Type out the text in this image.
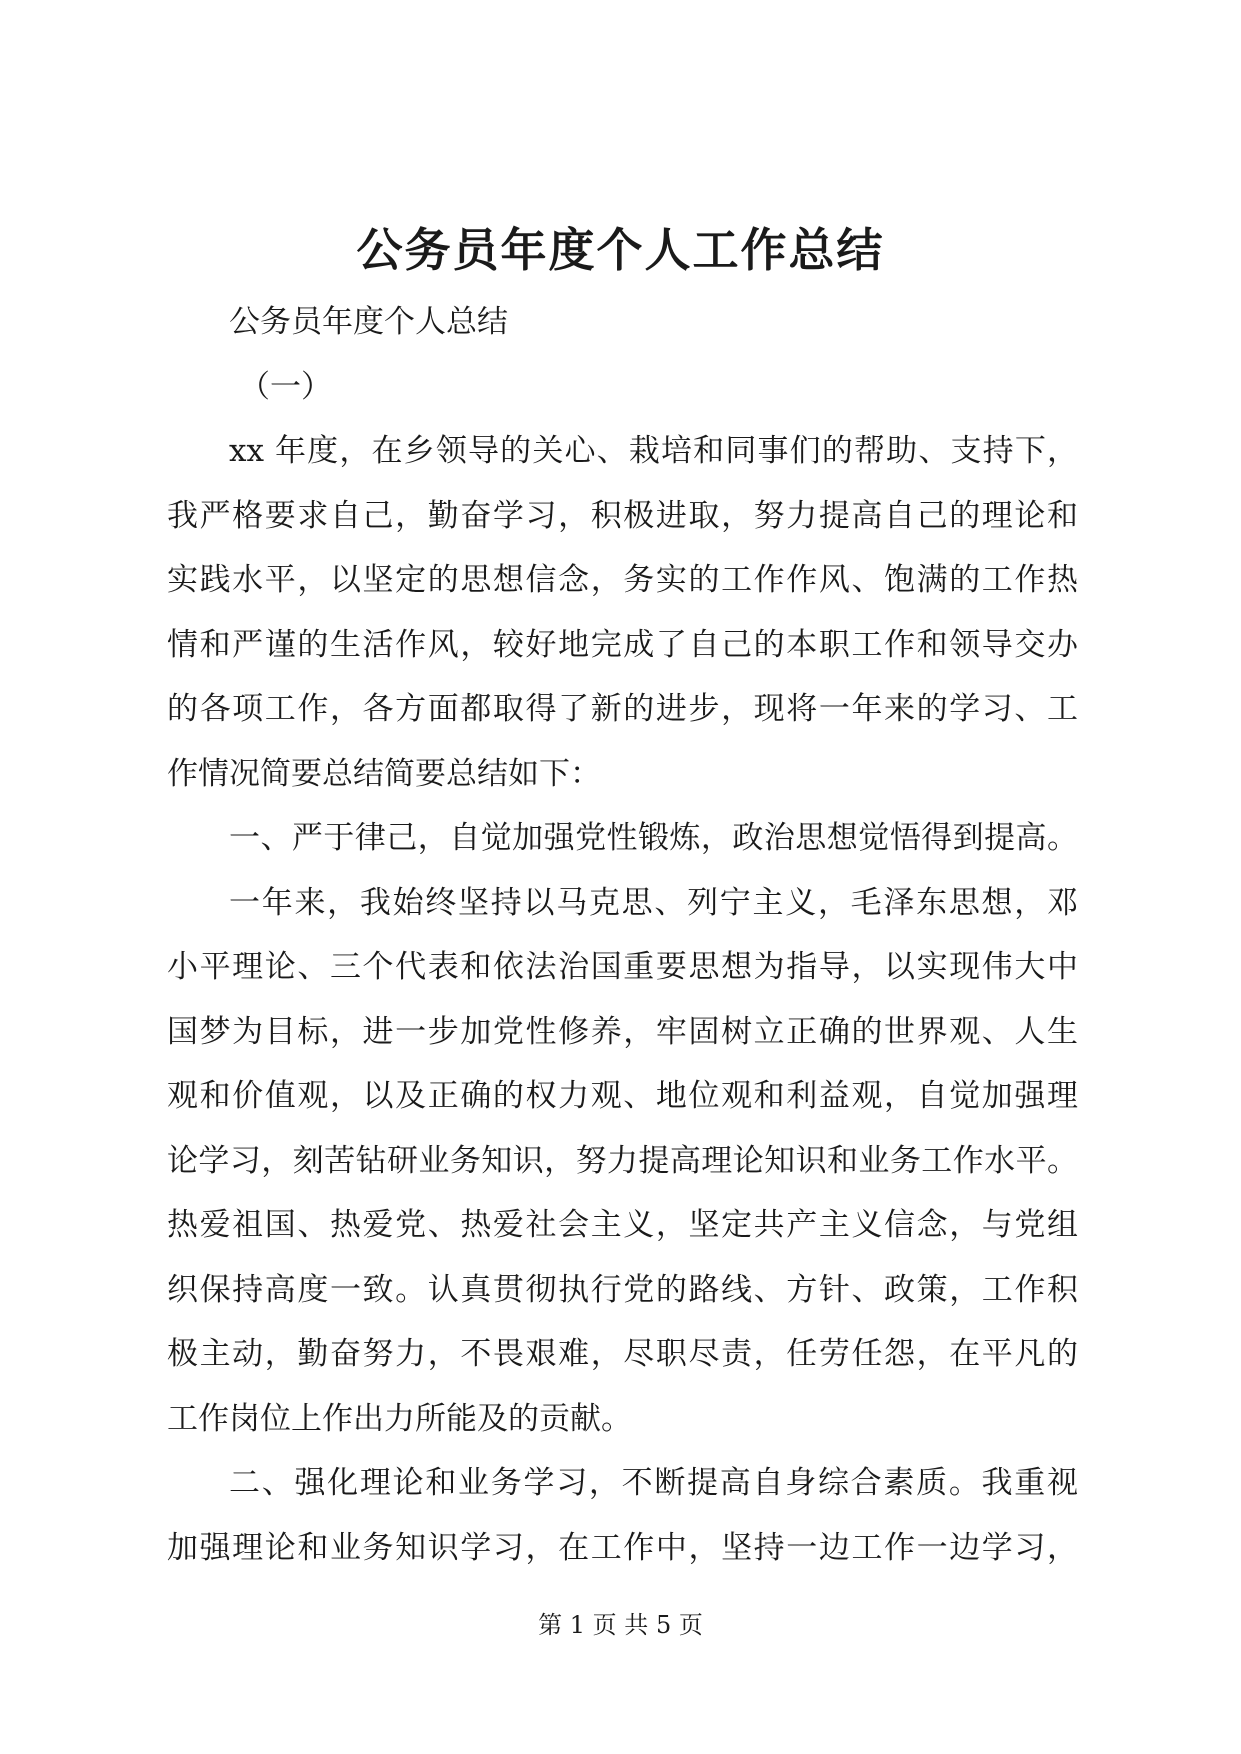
公务员年度个人工作总结

公务员年度个人总结

（一）

xx 年度，在乡领导的关心、栽培和同事们的帮助、支持下，

我严格要求自己，勤奋学习，积极进取，努力提高自己的理论和

实践水平，以坚定的思想信念，务实的工作作风、饱满的工作热

情和严谨的生活作风，较好地完成了自己的本职工作和领导交办

的各项工作，各方面都取得了新的进步，现将一年来的学习、工

作情况简要总结简要总结如下：

一、严于律己，自觉加强党性锻炼，政治思想觉悟得到提高。

一年来，我始终坚持以马克思、列宁主义，毛泽东思想，邓

小平理论、三个代表和依法治国重要思想为指导，以实现伟大中

国梦为目标，进一步加党性修养，牢固树立正确的世界观、人生

观和价值观，以及正确的权力观、地位观和利益观，自觉加强理

论学习，刻苦钻研业务知识，努力提高理论知识和业务工作水平。

热爱祖国、热爱党、热爱社会主义，坚定共产主义信念，与党组

织保持高度一致。认真贯彻执行党的路线、方针、政策，工作积

极主动，勤奋努力，不畏艰难，尽职尽责，任劳任怨，在平凡的

工作岗位上作出力所能及的贡献。

二、强化理论和业务学习，不断提高自身综合素质。我重视

加强理论和业务知识学习，在工作中，坚持一边工作一边学习，

第 1 页 共 5 页
